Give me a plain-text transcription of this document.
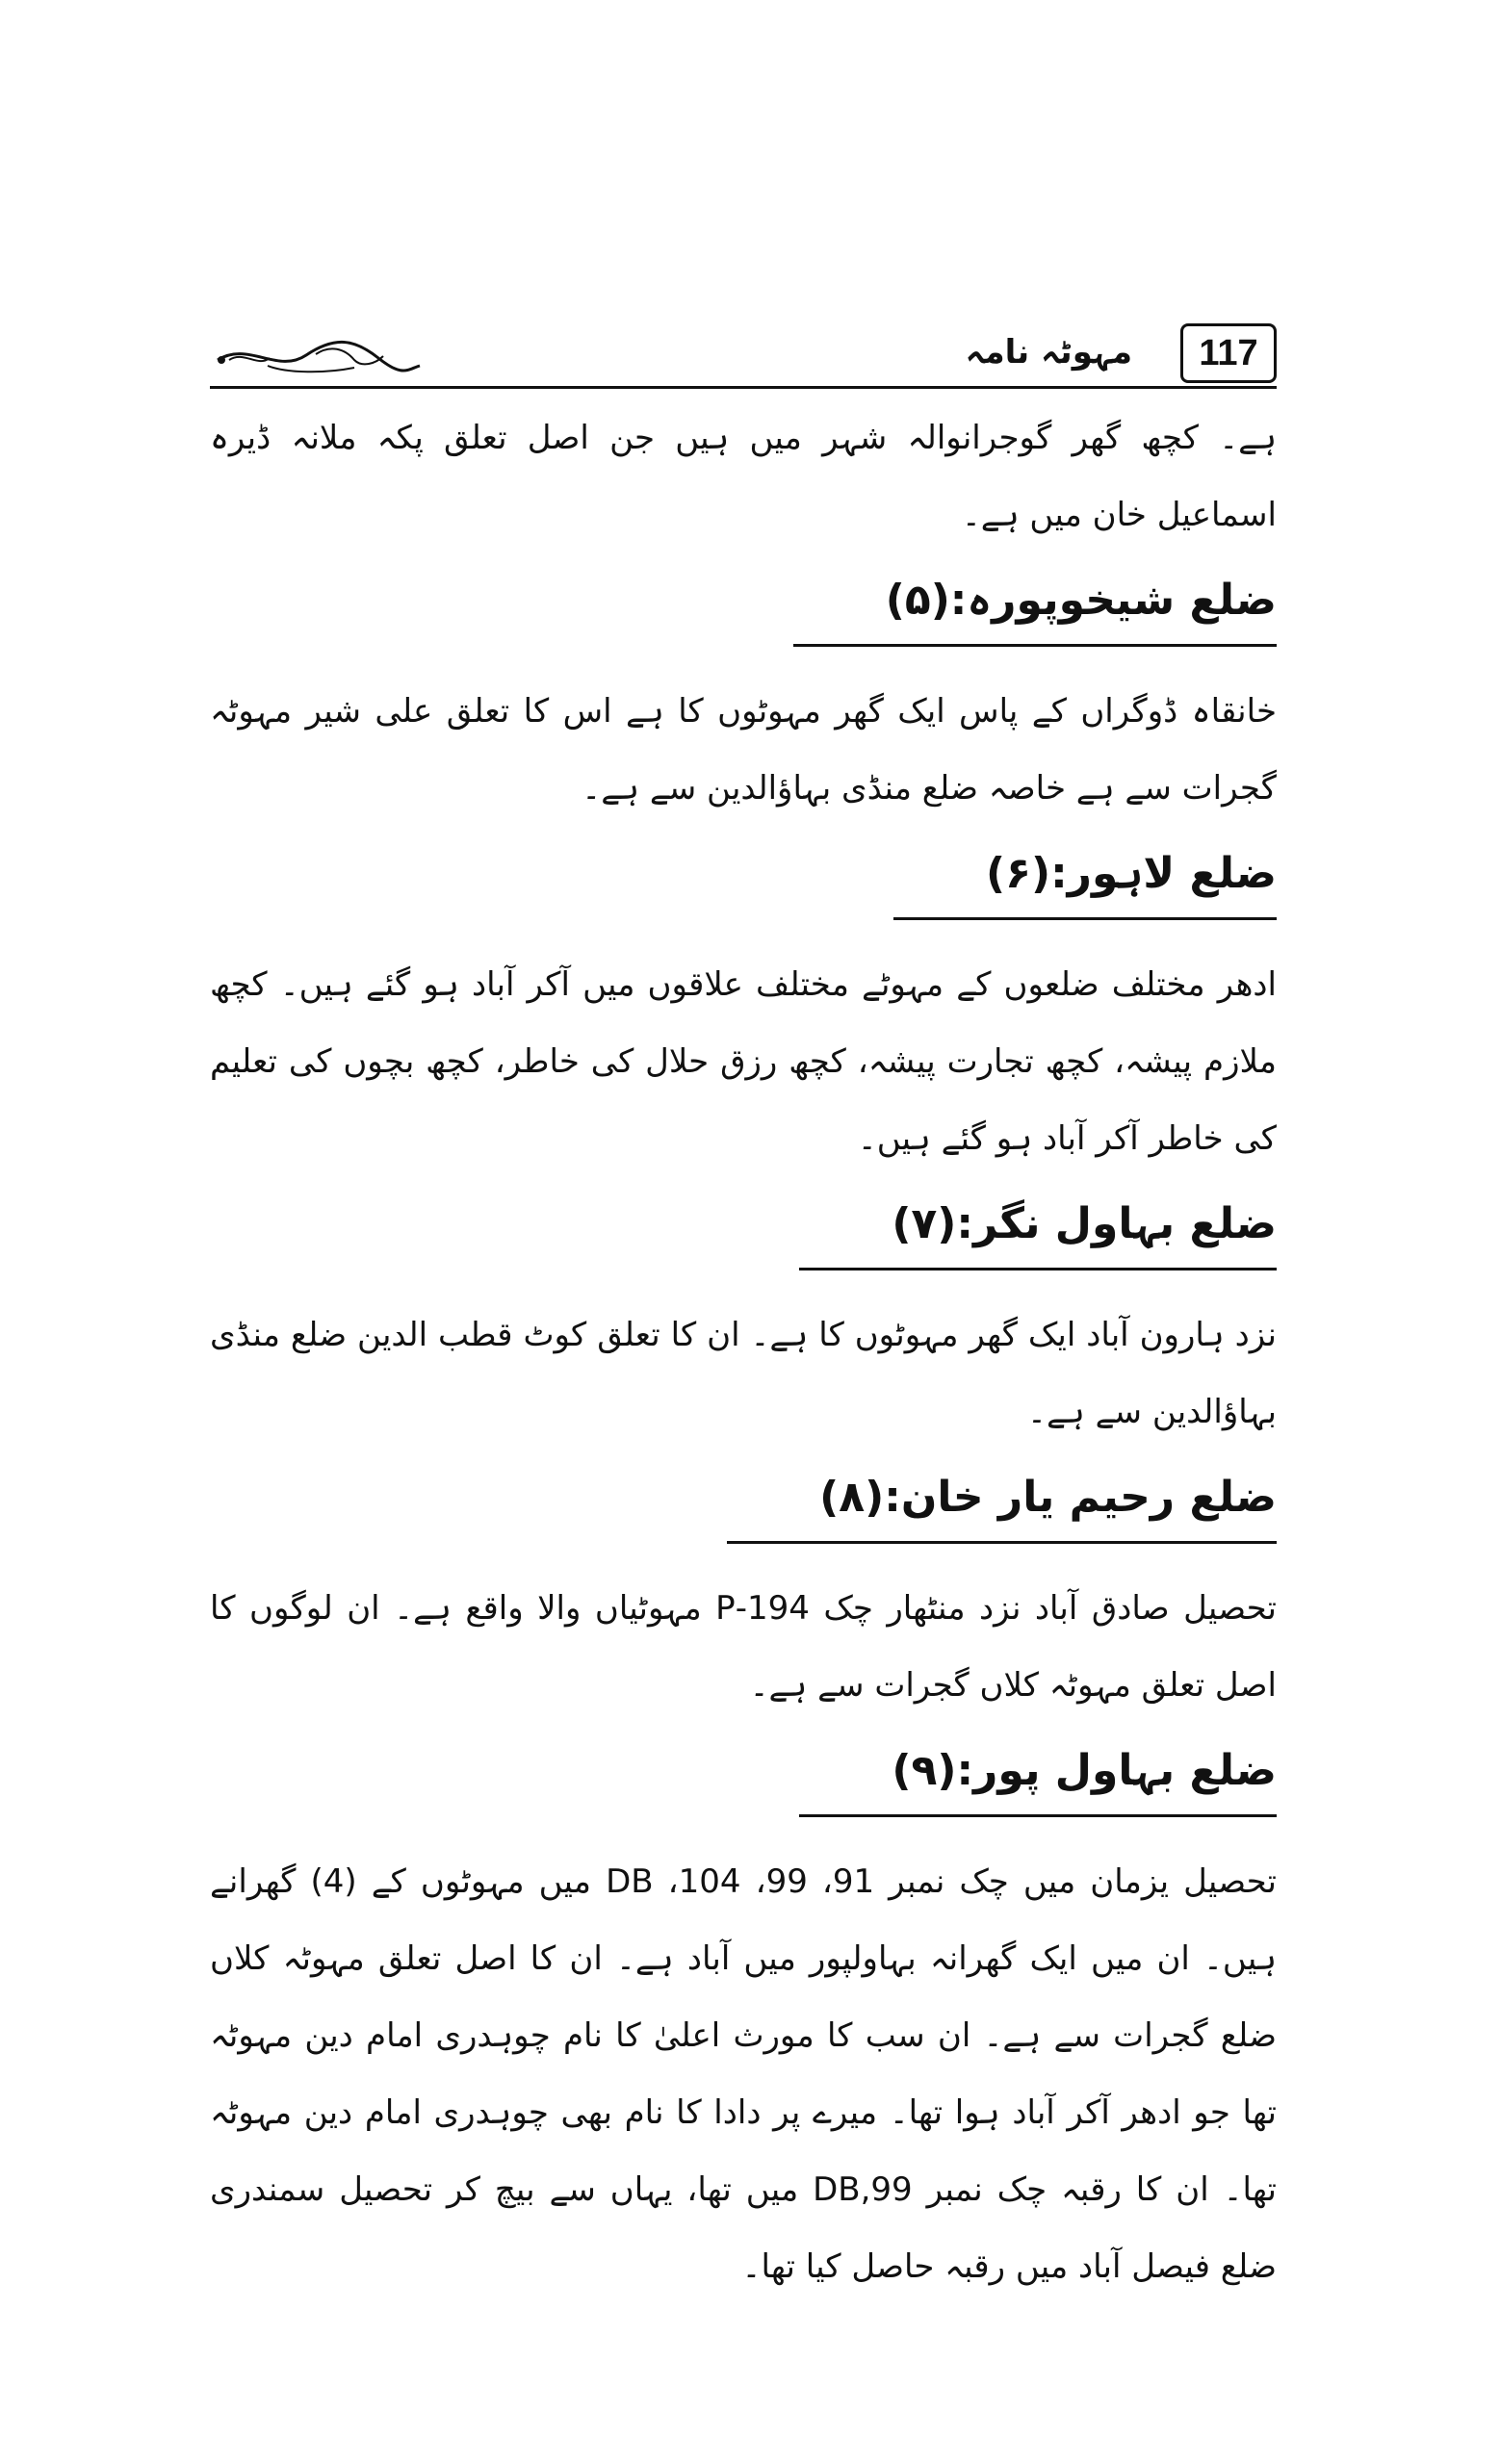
117
مہوٹہ نامہ

ہے۔ کچھ گھر گوجرانوالہ شہر میں ہیں جن اصل تعلق پکہ ملانہ ڈیرہ اسماعیل خان میں ہے۔

ضلع شیخوپورہ:(۵)

خانقاہ ڈوگراں کے پاس ایک گھر مہوٹوں کا ہے اس کا تعلق علی شیر مہوٹہ گجرات سے ہے خاصہ ضلع منڈی بہاؤالدین سے ہے۔

ضلع لاہور:(۶)

ادھر مختلف ضلعوں کے مہوٹے مختلف علاقوں میں آکر آباد ہو گئے ہیں۔ کچھ ملازم پیشہ، کچھ تجارت پیشہ، کچھ رزق حلال کی خاطر، کچھ بچوں کی تعلیم کی خاطر آکر آباد ہو گئے ہیں۔

ضلع بہاول نگر:(۷)

نزد ہارون آباد ایک گھر مہوٹوں کا ہے۔ ان کا تعلق کوٹ قطب الدین ضلع منڈی بہاؤالدین سے ہے۔

ضلع رحیم یار خان:(۸)

تحصیل صادق آباد نزد منٹھار چک 194-P مہوٹیاں والا واقع ہے۔ ان لوگوں کا اصل تعلق مہوٹہ کلاں گجرات سے ہے۔

ضلع بہاول پور:(۹)

تحصیل یزمان میں چک نمبر 91، 99، 104، DB میں مہوٹوں کے (4) گھرانے ہیں۔ ان میں ایک گھرانہ بہاولپور میں آباد ہے۔ ان کا اصل تعلق مہوٹہ کلاں ضلع گجرات سے ہے۔ ان سب کا مورث اعلیٰ کا نام چوہدری امام دین مہوٹہ تھا جو ادھر آکر آباد ہوا تھا۔ میرے پر دادا کا نام بھی چوہدری امام دین مہوٹہ تھا۔ ان کا رقبہ چک نمبر DB,99 میں تھا، یہاں سے بیچ کر تحصیل سمندری ضلع فیصل آباد میں رقبہ حاصل کیا تھا۔
